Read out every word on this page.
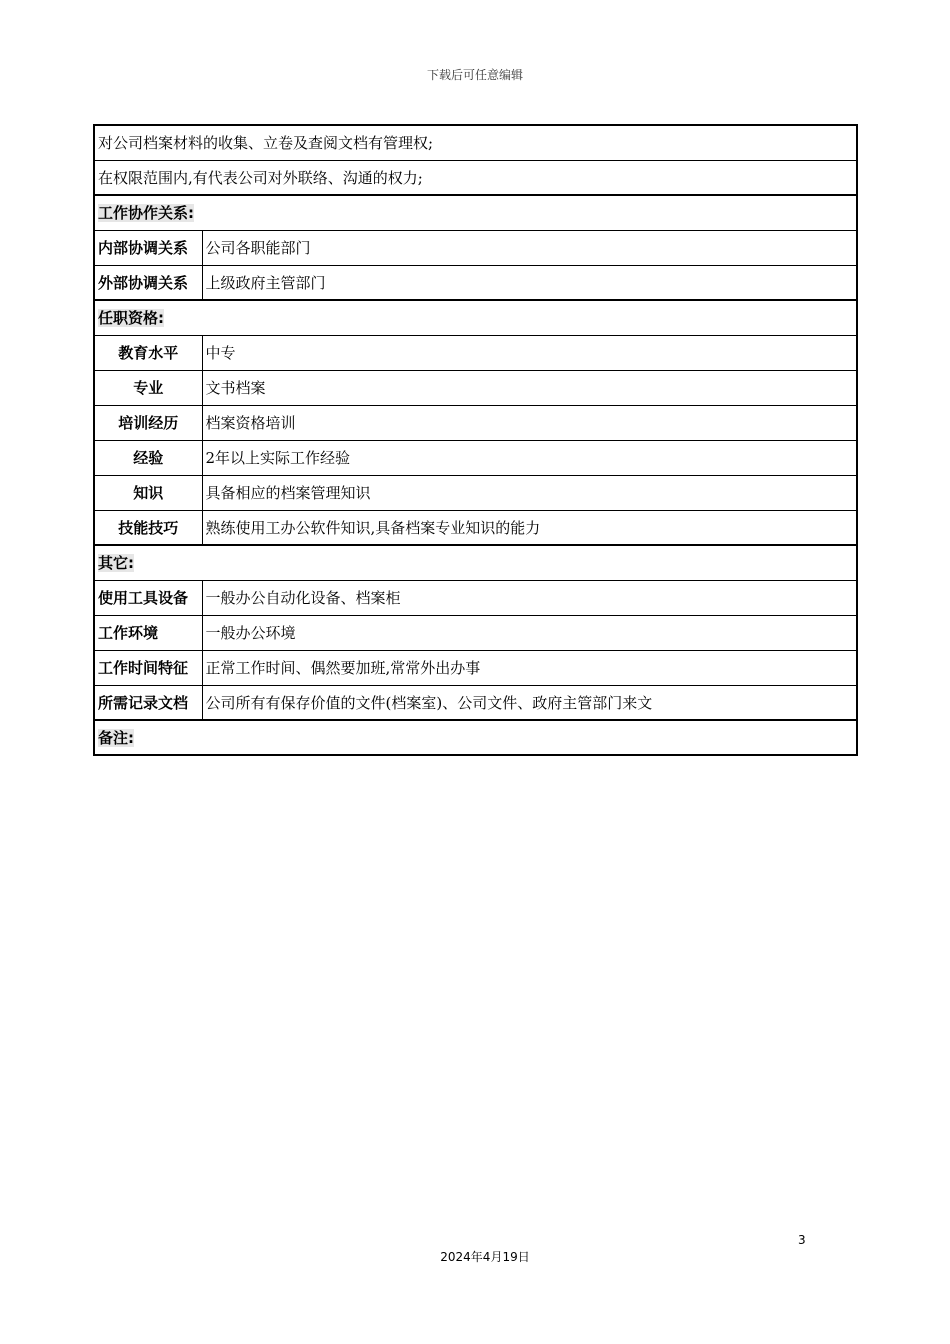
下载后可任意编辑
对公司档案材料的收集、立卷及查阅文档有管理权;	
在权限范围内,有代表公司对外联络、沟通的权力;	
工作协作关系:	
内部协调关系	公司各职能部门
外部协调关系	上级政府主管部门
任职资格:	
教育水平	中专
专业	文书档案
培训经历	档案资格培训
经验	2年以上实际工作经验
知识	具备相应的档案管理知识
技能技巧	熟练使用工办公软件知识,具备档案专业知识的能力
其它:	
使用工具设备	一般办公自动化设备、档案柜
工作环境	一般办公环境
工作时间特征	正常工作时间、偶然要加班,常常外出办事
所需记录文档	公司所有有保存价值的文件(档案室)、公司文件、政府主管部门来文
备注:	
3
2024年4月19日
